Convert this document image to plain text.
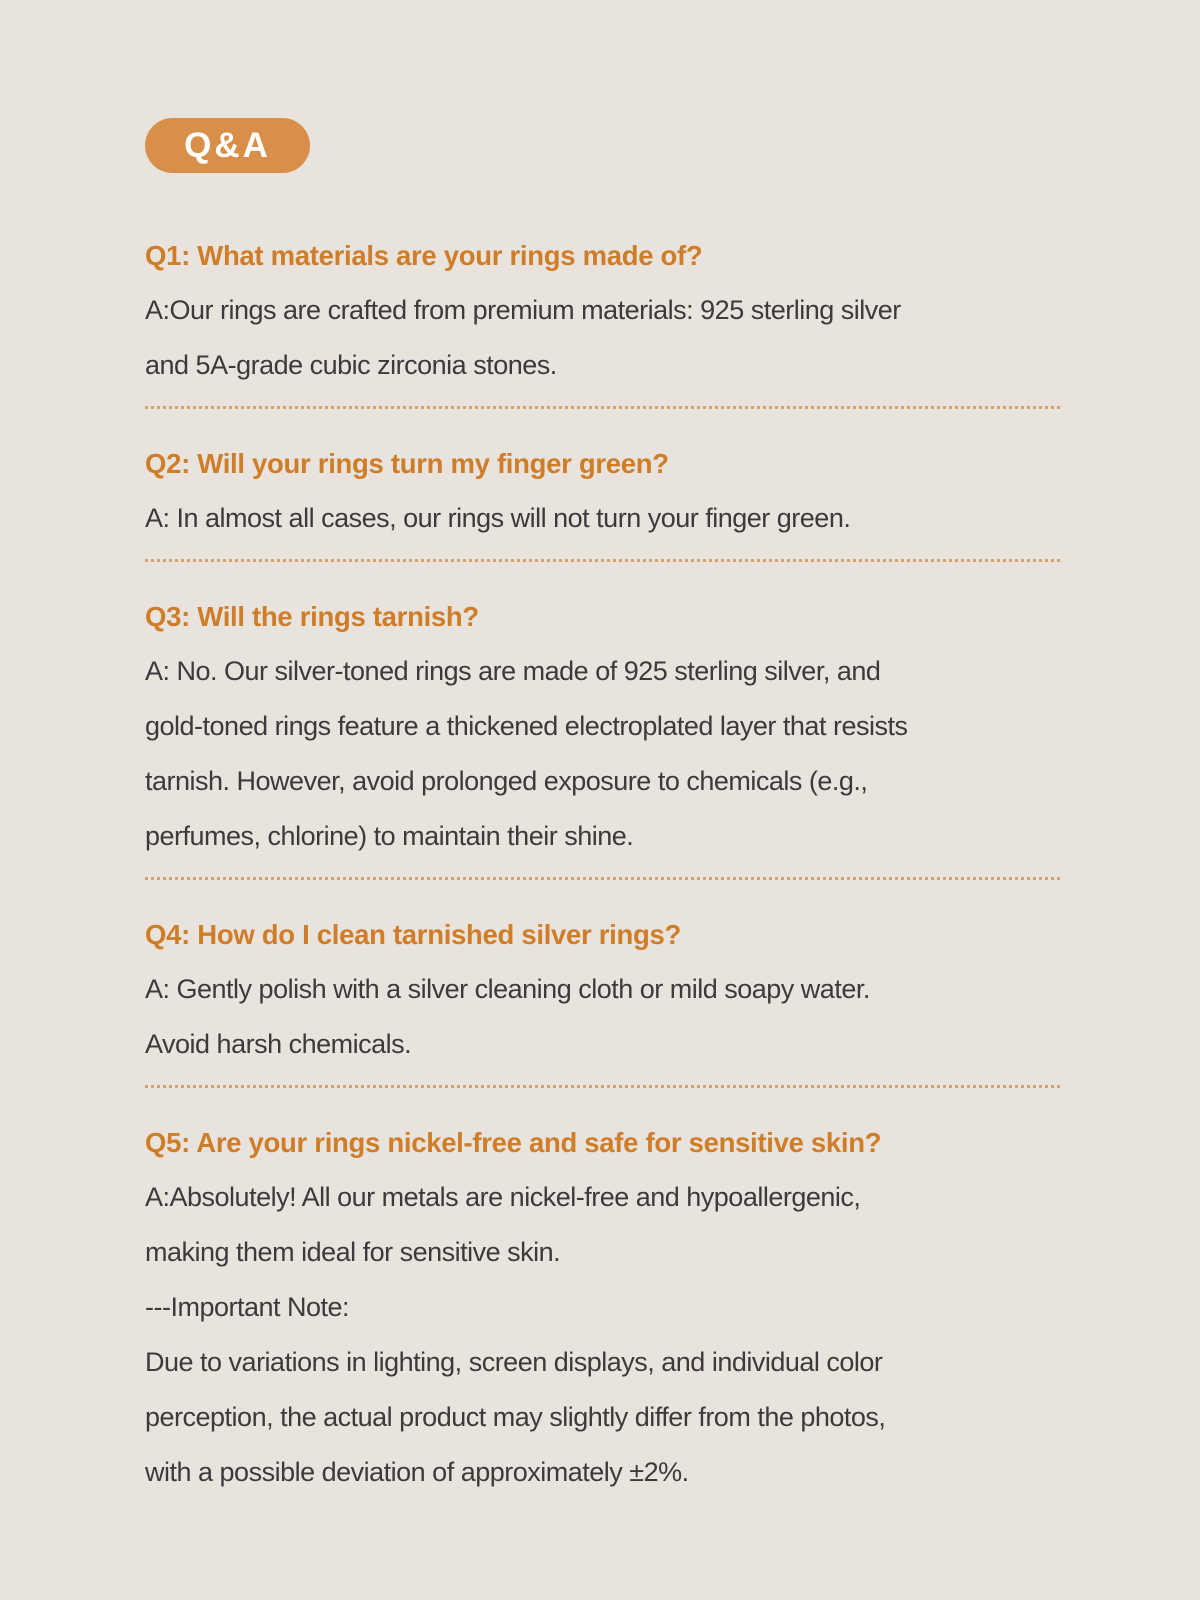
Q&A
Q1: What materials are your rings made of?
A:Our rings are crafted from premium materials: 925 sterling silver
and 5A-grade cubic zirconia stones.
Q2: Will your rings turn my finger green?
A: In almost all cases, our rings will not turn your finger green.
Q3: Will the rings tarnish?
A: No. Our silver-toned rings are made of 925 sterling silver, and
gold-toned rings feature a thickened electroplated layer that resists
tarnish. However, avoid prolonged exposure to chemicals (e.g.,
perfumes, chlorine) to maintain their shine.
Q4: How do I clean tarnished silver rings?
A: Gently polish with a silver cleaning cloth or mild soapy water.
Avoid harsh chemicals.
Q5: Are your rings nickel-free and safe for sensitive skin?
A:Absolutely! All our metals are nickel-free and hypoallergenic,
making them ideal for sensitive skin.
---Important Note:
Due to variations in lighting, screen displays, and individual color
perception, the actual product may slightly differ from the photos,
with a possible deviation of approximately ±2%.
